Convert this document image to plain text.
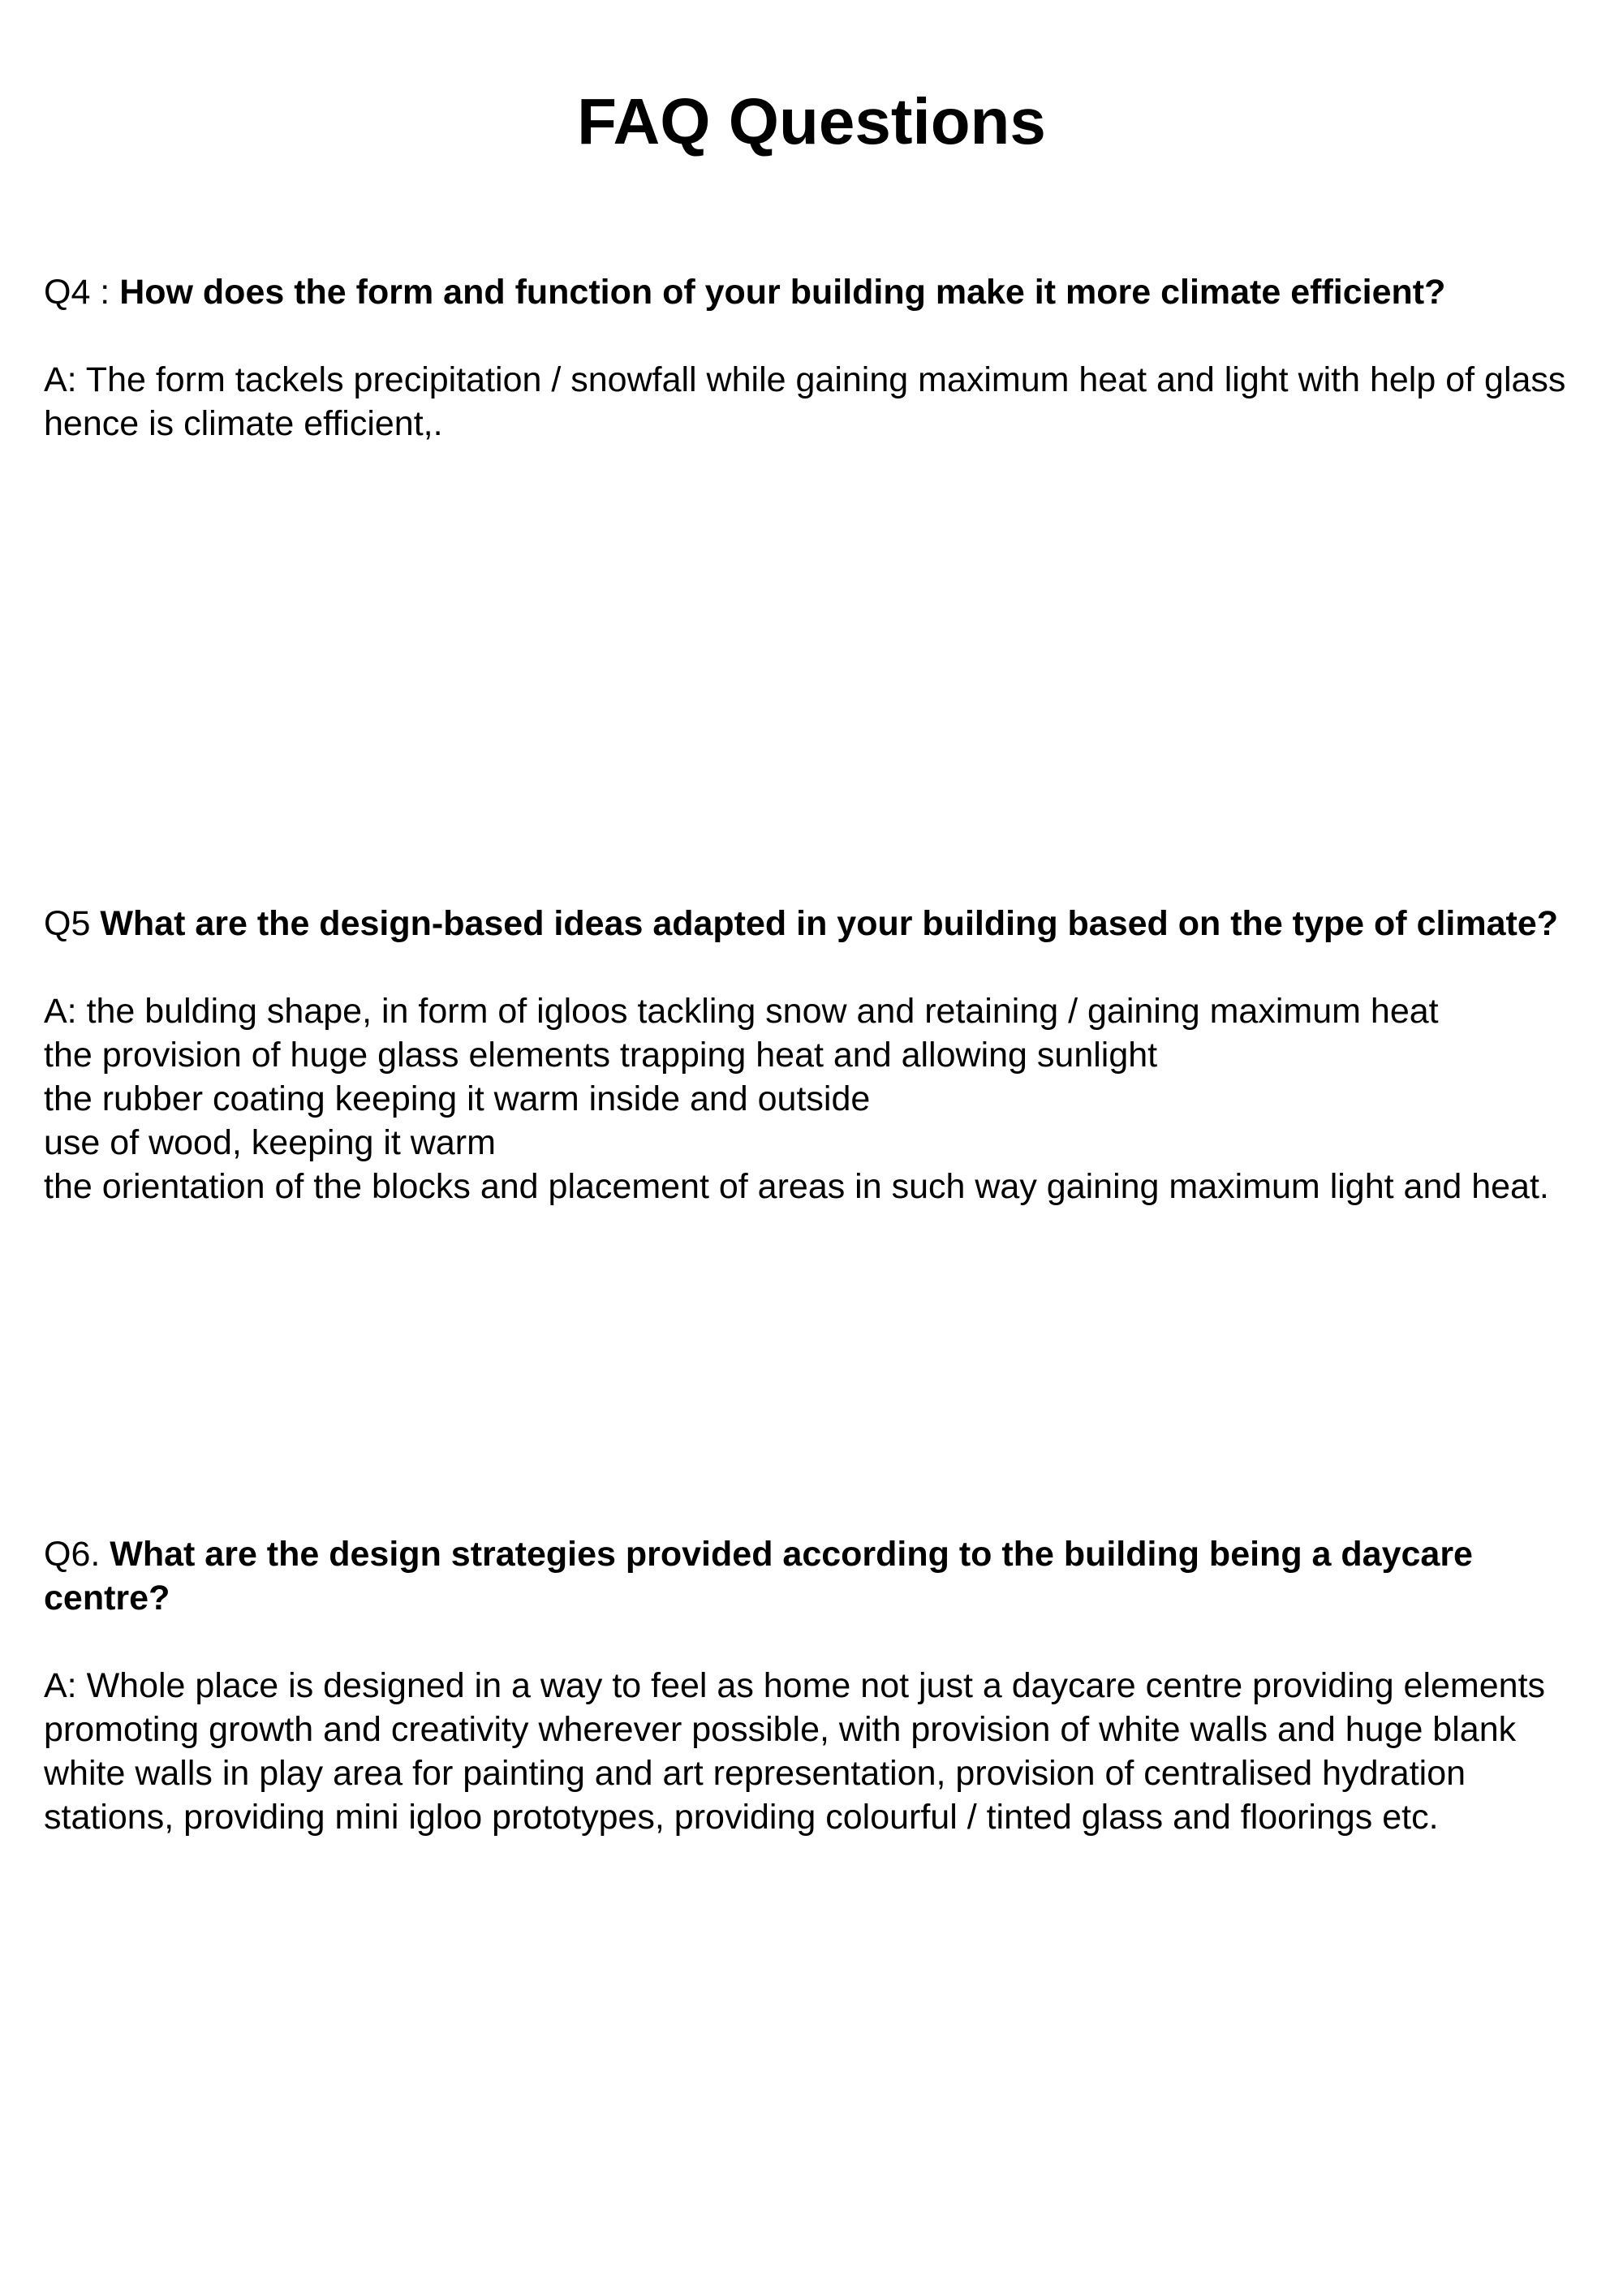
FAQ Questions

Q4 : How does the form and function of your building make it more climate efficient?

A: The form tackels precipitation / snowfall while gaining maximum heat and light with help of glass hence is climate efficient,.

Q5 What are the design-based ideas adapted in your building based on the type of climate?

A: the bulding shape, in form of igloos tackling snow and retaining / gaining maximum heat
the provision of huge glass elements trapping heat and allowing sunlight
the rubber coating keeping it warm inside and outside
use of wood, keeping it warm
the orientation of the blocks and placement of areas in such way gaining maximum light and heat.

Q6. What are the design strategies provided according to the building being a daycare centre?

A: Whole place is designed in a way to feel as home not just a daycare centre providing elements promoting growth and creativity wherever possible, with provision of white walls and huge blank white walls in play area for painting and art representation, provision of centralised hydration stations, providing mini igloo prototypes, providing colourful / tinted glass and floorings etc.
